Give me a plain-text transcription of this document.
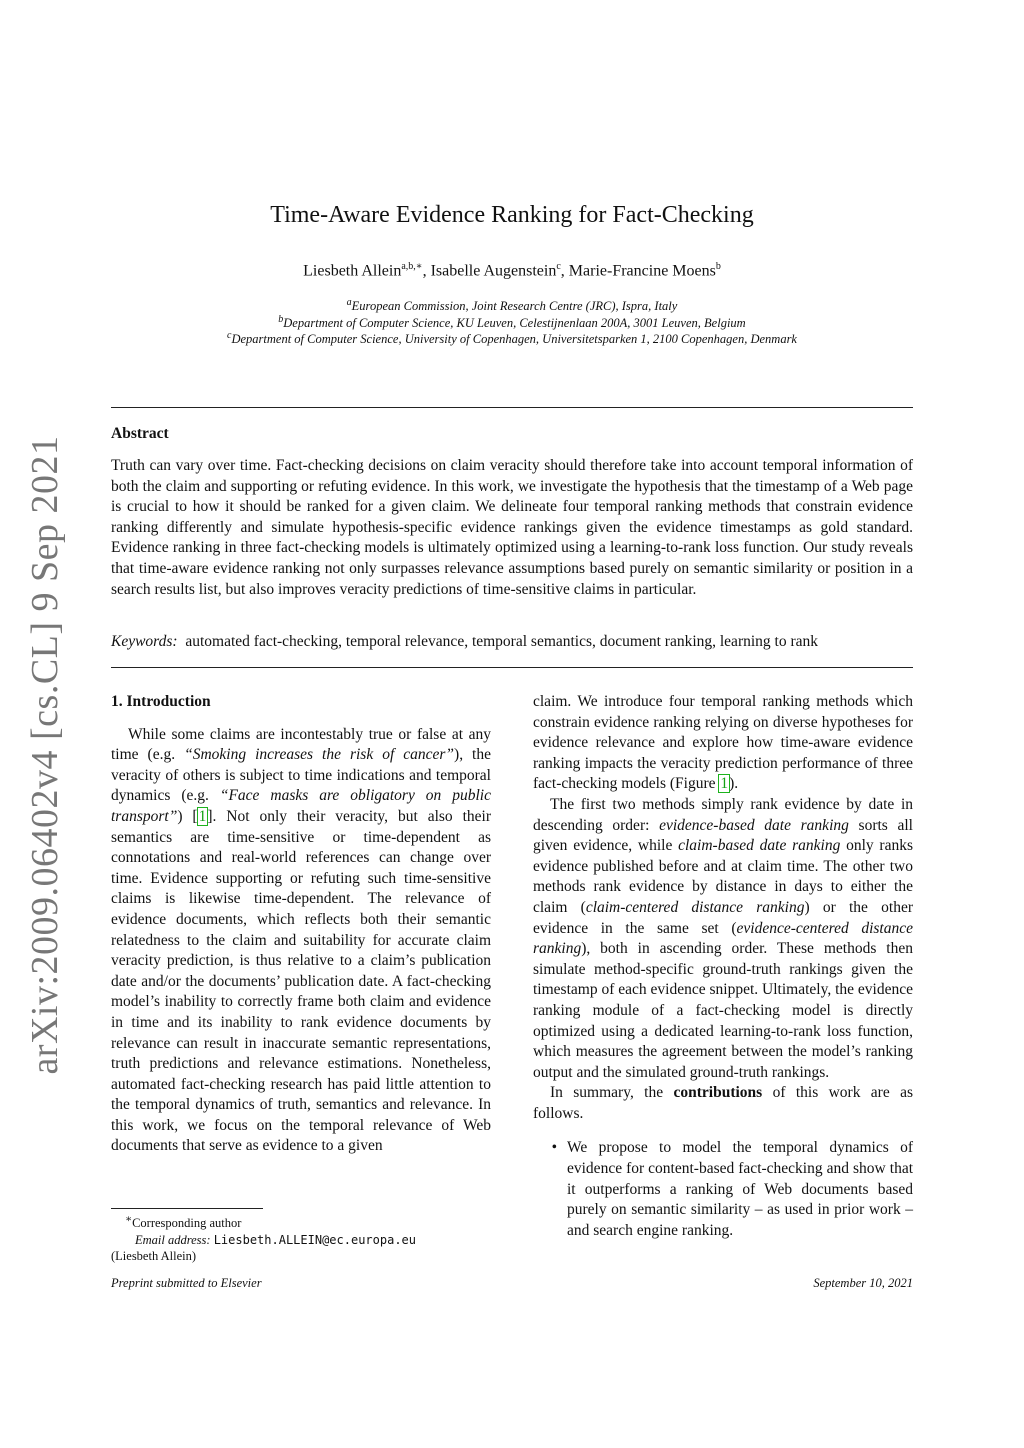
arXiv:2009.06402v4 [cs.CL] 9 Sep 2021
Time-Aware Evidence Ranking for Fact-Checking
Liesbeth Allein$^{a,b,∗}$, Isabelle Augenstein$^c$, Marie-Francine Moens$^b$
$^a$European Commission, Joint Research Centre (JRC), Ispra, Italy
$^b$Department of Computer Science, KU Leuven, Celestijnenlaan 200A, 3001 Leuven, Belgium
$^c$Department of Computer Science, University of Copenhagen, Universitetsparken 1, 2100 Copenhagen, Denmark
Abstract
Truth can vary over time. Fact-checking decisions on claim veracity should therefore take into account temporal information of both the claim and supporting or refuting evidence. In this work, we investigate the hypothesis that the timestamp of a Web page is crucial to how it should be ranked for a given claim. We delineate four temporal ranking methods that constrain evidence ranking differently and simulate hypothesis-specific evidence rankings given the evidence timestamps as gold standard. Evidence ranking in three fact-checking models is ultimately optimized using a learning-to-rank loss function. Our study reveals that time-aware evidence ranking not only surpasses relevance assumptions based purely on semantic similarity or position in a search results list, but also improves veracity predictions of time-sensitive claims in particular.
Keywords: automated fact-checking, temporal relevance, temporal semantics, document ranking, learning to rank

1. Introduction

While some claims are incontestably true or false at any time (e.g. “Smoking increases the risk of cancer”), the veracity of others is subject to time indications and temporal dynamics (e.g. “Face masks are obligatory on public transport”) [1]. Not only their veracity, but also their semantics are time-sensitive or time-dependent as connotations and real-world references can change over time. Evidence supporting or refuting such time-sensitive claims is likewise time-dependent. The relevance of evidence documents, which reflects both their semantic relatedness to the claim and suitability for accurate claim veracity prediction, is thus relative to a claim’s publication date and/or the documents’ publication date. A fact-checking model’s inability to correctly frame both claim and evidence in time and its inability to rank evidence documents by relevance can result in inaccurate semantic representations, truth predictions and relevance estimations. Nonetheless, automated fact-checking research has paid little attention to the temporal dynamics of truth, semantics and relevance. In this work, we focus on the temporal relevance of Web documents that serve as evidence to a given

claim. We introduce four temporal ranking methods which constrain evidence ranking relying on diverse hypotheses for evidence relevance and explore how time-aware evidence ranking impacts the veracity prediction performance of three fact-checking models (Figure 1).

The first two methods simply rank evidence by date in descending order: evidence-based date ranking sorts all given evidence, while claim-based date ranking only ranks evidence published before and at claim time. The other two methods rank evidence by distance in days to either the claim (claim-centered distance ranking) or the other evidence in the same set (evidence-centered distance ranking), both in ascending order. These methods then simulate method-specific ground-truth rankings given the timestamp of each evidence snippet. Ultimately, the evidence ranking module of a fact-checking model is directly optimized using a dedicated learning-to-rank loss function, which measures the agreement between the model’s ranking output and the simulated ground-truth rankings.

In summary, the contributions of this work are as follows.

• We propose to model the temporal dynamics of evidence for content-based fact-checking and show that it outperforms a ranking of Web documents based purely on semantic similarity – as used in prior work – and search engine ranking.

∗Corresponding author
Email address: Liesbeth.ALLEIN@ec.europa.eu
(Liesbeth Allein)
Preprint submitted to Elsevier	September 10, 2021
